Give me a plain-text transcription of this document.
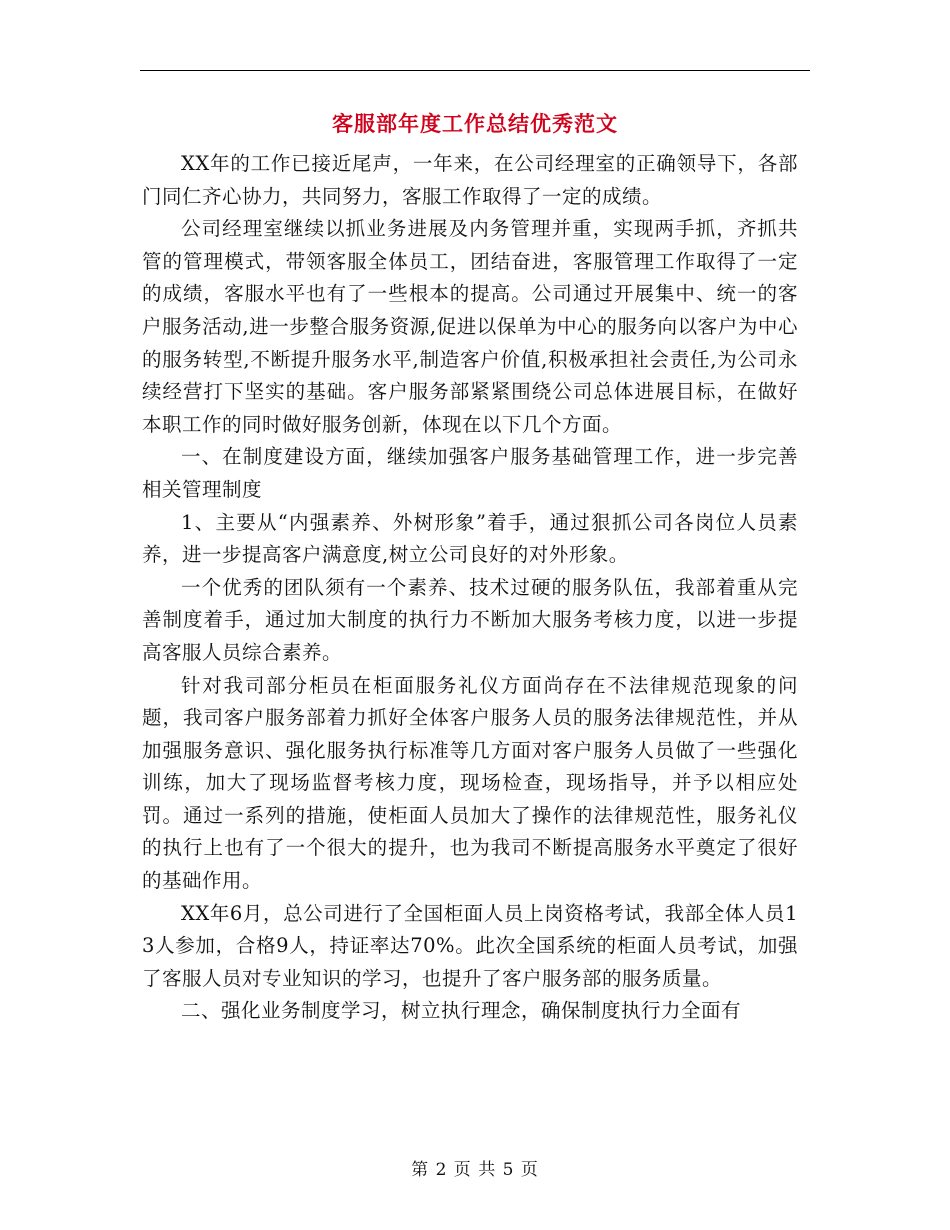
客服部年度工作总结优秀范文

XX年的工作已接近尾声，一年来，在公司经理室的正确领导下，各部门同仁齐心协力，共同努力，客服工作取得了一定的成绩。

公司经理室继续以抓业务进展及内务管理并重，实现两手抓，齐抓共管的管理模式，带领客服全体员工，团结奋进，客服管理工作取得了一定的成绩，客服水平也有了一些根本的提高。公司通过开展集中、统一的客户服务活动,进一步整合服务资源,促进以保单为中心的服务向以客户为中心的服务转型,不断提升服务水平,制造客户价值,积极承担社会责任,为公司永续经营打下坚实的基础。客户服务部紧紧围绕公司总体进展目标，在做好本职工作的同时做好服务创新，体现在以下几个方面。

一、在制度建设方面，继续加强客户服务基础管理工作，进一步完善相关管理制度

1、主要从“内强素养、外树形象”着手，通过狠抓公司各岗位人员素养，进一步提高客户满意度,树立公司良好的对外形象。

一个优秀的团队须有一个素养、技术过硬的服务队伍，我部着重从完善制度着手，通过加大制度的执行力不断加大服务考核力度，以进一步提高客服人员综合素养。

针对我司部分柜员在柜面服务礼仪方面尚存在不法律规范现象的问题，我司客户服务部着力抓好全体客户服务人员的服务法律规范性，并从加强服务意识、强化服务执行标准等几方面对客户服务人员做了一些强化训练，加大了现场监督考核力度，现场检查，现场指导，并予以相应处罚。通过一系列的措施，使柜面人员加大了操作的法律规范性，服务礼仪的执行上也有了一个很大的提升，也为我司不断提高服务水平奠定了很好的基础作用。

XX年6月，总公司进行了全国柜面人员上岗资格考试，我部全体人员13人参加，合格9人，持证率达70%。此次全国系统的柜面人员考试，加强了客服人员对专业知识的学习，也提升了客户服务部的服务质量。

二、强化业务制度学习，树立执行理念，确保制度执行力全面有

第 2 页 共 5 页
